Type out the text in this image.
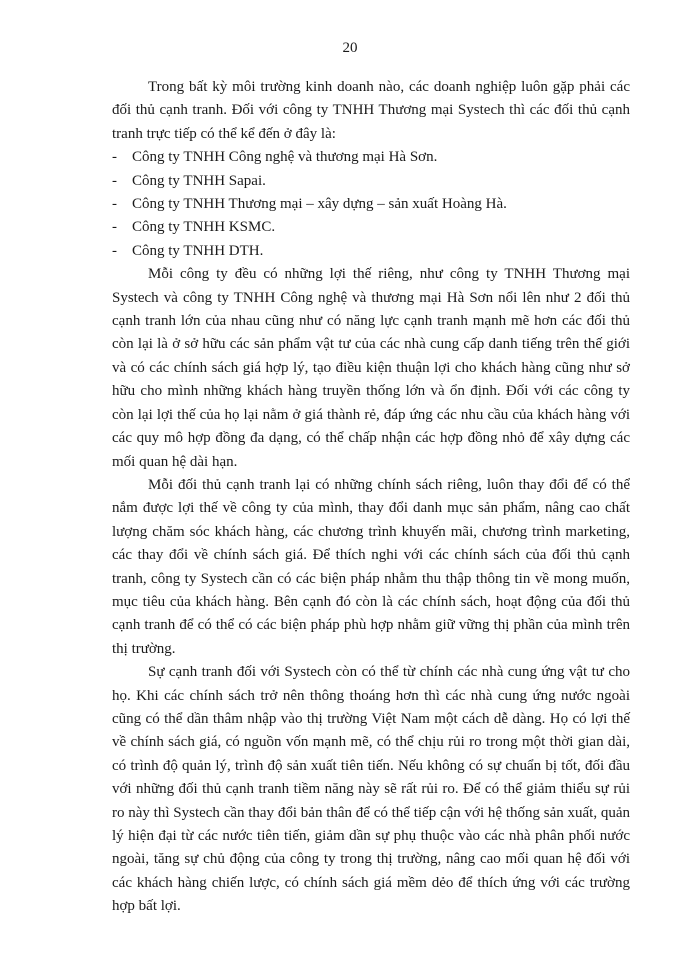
20

Trong bất kỳ môi trường kinh doanh nào, các doanh nghiệp luôn gặp phải các đối thủ cạnh tranh. Đối với công ty TNHH Thương mại Systech thì các đối thủ cạnh tranh trực tiếp có thể kể đến ở đây là:

- Công ty TNHH Công nghệ và thương mại Hà Sơn.
- Công ty TNHH Sapai.
- Công ty TNHH Thương mại – xây dựng – sản xuất Hoàng Hà.
- Công ty TNHH KSMC.
- Công ty TNHH DTH.

Mỗi công ty đều có những lợi thế riêng, như công ty TNHH Thương mại Systech và công ty TNHH Công nghệ và thương mại Hà Sơn nổi lên như 2 đối thủ cạnh tranh lớn của nhau cũng như có năng lực cạnh tranh mạnh mẽ hơn các đối thủ còn lại là ở sở hữu các sản phẩm vật tư của các nhà cung cấp danh tiếng trên thế giới và có các chính sách giá hợp lý, tạo điều kiện thuận lợi cho khách hàng cũng như sở hữu cho mình những khách hàng truyền thống lớn và ổn định. Đối với các công ty còn lại lợi thế của họ lại nằm ở giá thành rẻ, đáp ứng các nhu cầu của khách hàng với các quy mô hợp đồng đa dạng, có thể chấp nhận các hợp đồng nhỏ để xây dựng các mối quan hệ dài hạn.

Mỗi đối thủ cạnh tranh lại có những chính sách riêng, luôn thay đổi để có thể nắm được lợi thế về công ty của mình, thay đổi danh mục sản phẩm, nâng cao chất lượng chăm sóc khách hàng, các chương trình khuyến mãi, chương trình marketing, các thay đổi về chính sách giá. Để thích nghi với các chính sách của đối thủ cạnh tranh, công ty Systech cần có các biện pháp nhằm thu thập thông tin về mong muốn, mục tiêu của khách hàng. Bên cạnh đó còn là các chính sách, hoạt động của đối thủ cạnh tranh để có thể có các biện pháp phù hợp nhằm giữ vững thị phần của mình trên thị trường.

Sự cạnh tranh đối với Systech còn có thể từ chính các nhà cung ứng vật tư cho họ. Khi các chính sách trở nên thông thoáng hơn thì các nhà cung ứng nước ngoài cũng có thể dần thâm nhập vào thị trường Việt Nam một cách dễ dàng. Họ có lợi thế về chính sách giá, có nguồn vốn mạnh mẽ, có thể chịu rủi ro trong một thời gian dài, có trình độ quản lý, trình độ sản xuất tiên tiến. Nếu không có sự chuẩn bị tốt, đối đầu với những đối thủ cạnh tranh tiềm năng này sẽ rất rủi ro. Để có thể giảm thiểu sự rủi ro này thì Systech cần thay đổi bản thân để có thể tiếp cận với hệ thống sản xuất, quản lý hiện đại từ các nước tiên tiến, giảm dần sự phụ thuộc vào các nhà phân phối nước ngoài, tăng sự chủ động của công ty trong thị trường, nâng cao mối quan hệ đối với các khách hàng chiến lược, có chính sách giá mềm dẻo để thích ứng với các trường hợp bất lợi.
